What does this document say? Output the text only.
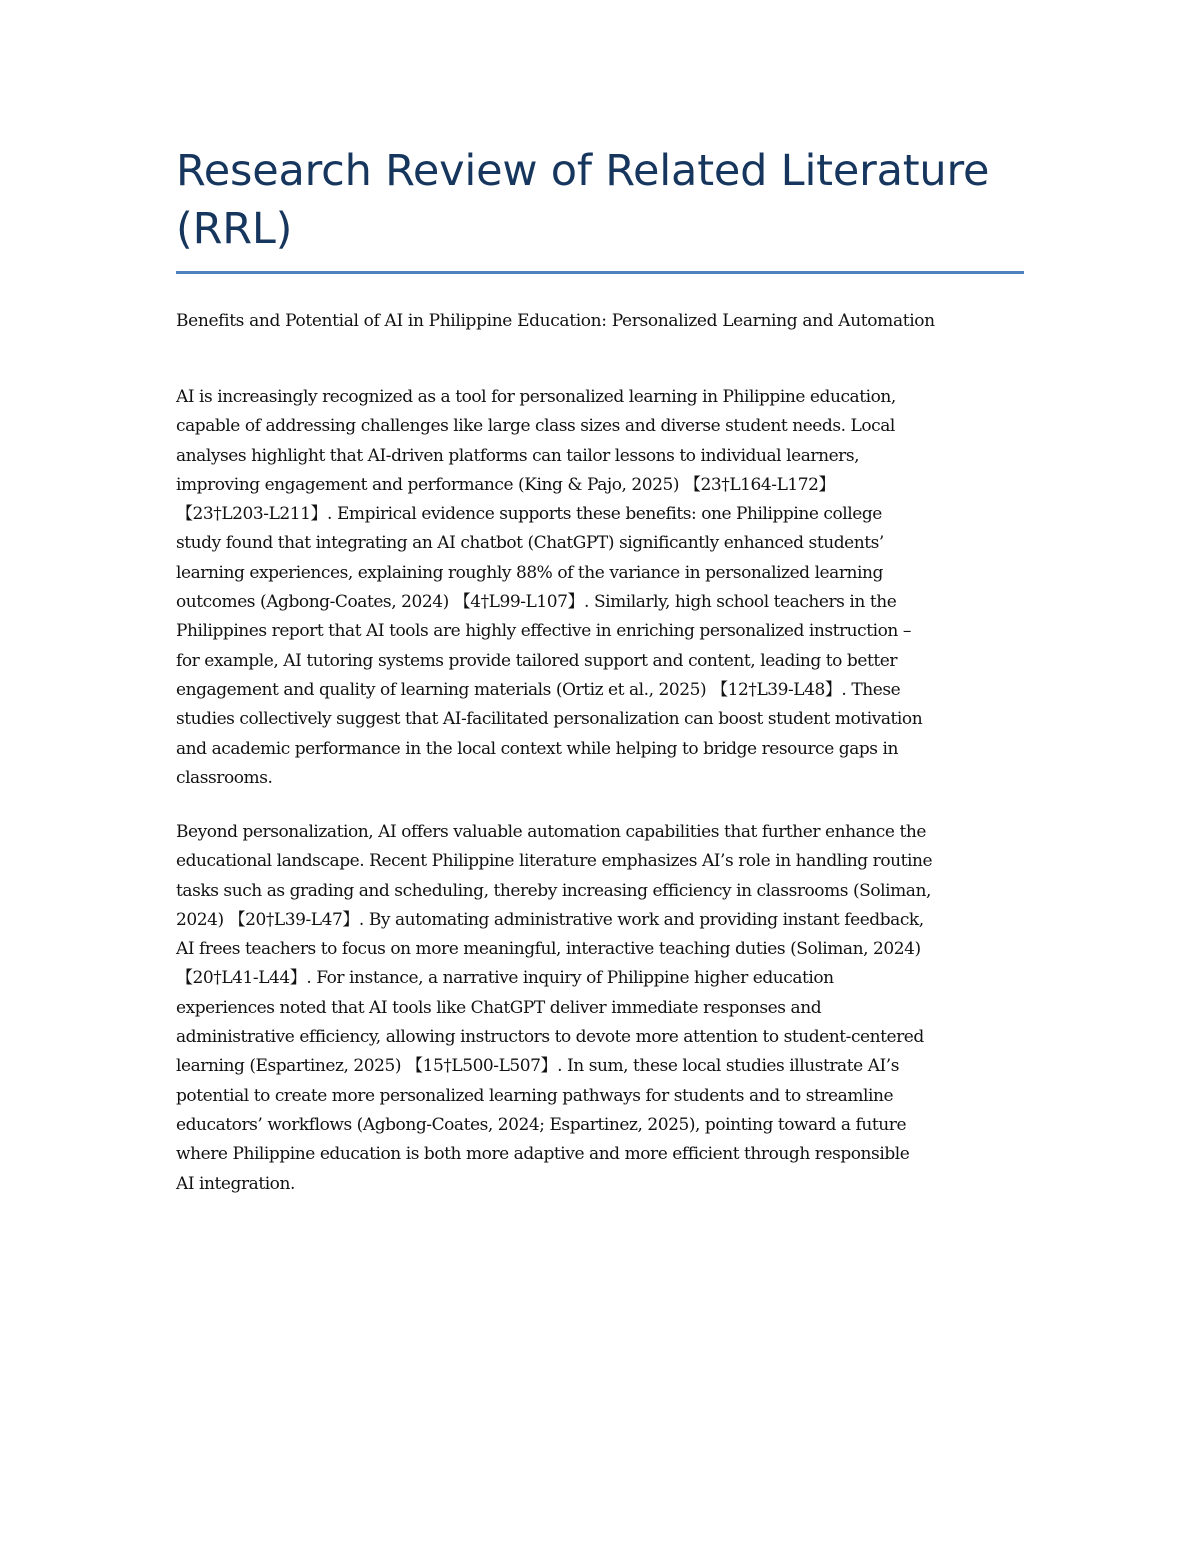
Research Review of Related Literature (RRL)

Benefits and Potential of AI in Philippine Education: Personalized Learning and Automation

AI is increasingly recognized as a tool for personalized learning in Philippine education,
capable of addressing challenges like large class sizes and diverse student needs. Local
analyses highlight that AI-driven platforms can tailor lessons to individual learners,
improving engagement and performance (King & Pajo, 2025) 【23†L164-L172】
【23†L203-L211】. Empirical evidence supports these benefits: one Philippine college
study found that integrating an AI chatbot (ChatGPT) significantly enhanced students’
learning experiences, explaining roughly 88% of the variance in personalized learning
outcomes (Agbong-Coates, 2024) 【4†L99-L107】. Similarly, high school teachers in the
Philippines report that AI tools are highly effective in enriching personalized instruction –
for example, AI tutoring systems provide tailored support and content, leading to better
engagement and quality of learning materials (Ortiz et al., 2025) 【12†L39-L48】. These
studies collectively suggest that AI-facilitated personalization can boost student motivation
and academic performance in the local context while helping to bridge resource gaps in
classrooms.
Beyond personalization, AI offers valuable automation capabilities that further enhance the
educational landscape. Recent Philippine literature emphasizes AI’s role in handling routine
tasks such as grading and scheduling, thereby increasing efficiency in classrooms (Soliman,
2024) 【20†L39-L47】. By automating administrative work and providing instant feedback,
AI frees teachers to focus on more meaningful, interactive teaching duties (Soliman, 2024)
【20†L41-L44】. For instance, a narrative inquiry of Philippine higher education
experiences noted that AI tools like ChatGPT deliver immediate responses and
administrative efficiency, allowing instructors to devote more attention to student-centered
learning (Espartinez, 2025) 【15†L500-L507】. In sum, these local studies illustrate AI’s
potential to create more personalized learning pathways for students and to streamline
educators’ workflows (Agbong-Coates, 2024; Espartinez, 2025), pointing toward a future
where Philippine education is both more adaptive and more efficient through responsible
AI integration.
